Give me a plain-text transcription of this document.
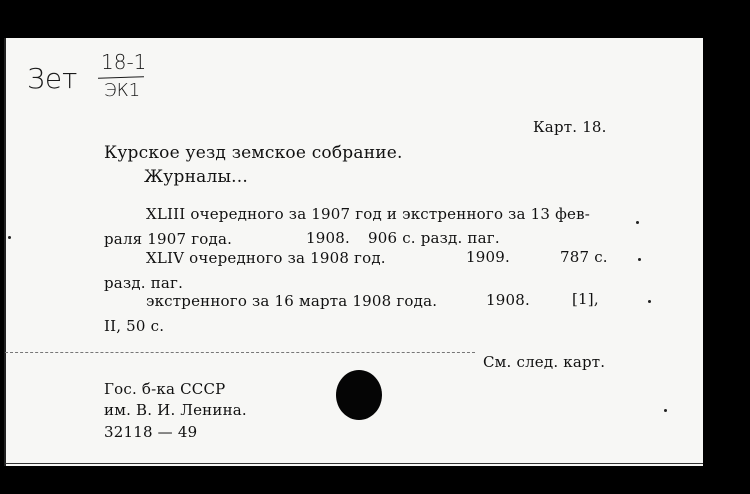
Зет 18-1
ЭК1
Карт. 18.
Курское уезд земское собрание.
Журналы...
XLIII очередного за 1907 год и экстренного за 13 фев-
раля 1907 года.	1908. 906 с. разд. паг.
XLIV очередного за 1908 год.	1909.	787 с.
разд. паг.
экстренного за 16 марта 1908 года.	1908.	[1],
II, 50 с.
См. след. карт.
Гос. б-ка СССР
им. В. И. Ленина.
32118 — 49
